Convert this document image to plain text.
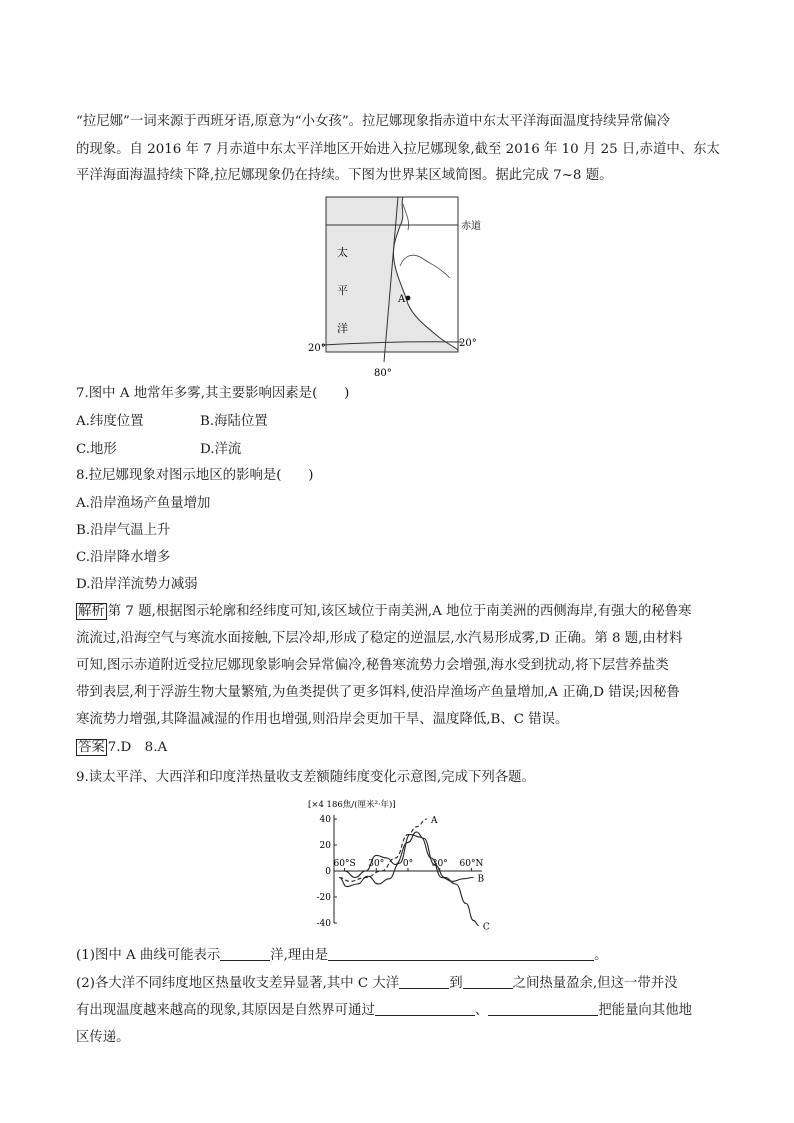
“拉尼娜”一词来源于西班牙语,原意为“小女孩”。拉尼娜现象指赤道中东太平洋海面温度持续异常偏冷
的现象。自 2016 年 7 月赤道中东太平洋地区开始进入拉尼娜现象,截至 2016 年 10 月 25 日,赤道中、东太
平洋海面海温持续下降,拉尼娜现象仍在持续。下图为世界某区域简图。据此完成 7~8 题。
A
太
平
洋
赤道
20°	20°
80°
7.图中 A 地常年多雾,其主要影响因素是(　　)
A.纬度位置	B.海陆位置
C.地形	D.洋流
8.拉尼娜现象对图示地区的影响是(　　)
A.沿岸渔场产鱼量增加
B.沿岸气温上升
C.沿岸降水增多
D.沿岸洋流势力减弱
解析 第 7 题,根据图示轮廓和经纬度可知,该区域位于南美洲,A 地位于南美洲的西侧海岸,有强大的秘鲁寒
流流过,沿海空气与寒流水面接触,下层冷却,形成了稳定的逆温层,水汽易形成雾,D 正确。第 8 题,由材料
可知,图示赤道附近受拉尼娜现象影响会异常偏冷,秘鲁寒流势力会增强,海水受到扰动,将下层营养盐类
带到表层,利于浮游生物大量繁殖,为鱼类提供了更多饵料,使沿岸渔场产鱼量增加,A 正确,D 错误;因秘鲁
寒流势力增强,其降温减湿的作用也增强,则沿岸会更加干旱、温度降低,B、C 错误。
答案 7.D　8.A
9.读太平洋、大西洋和印度洋热量收支差额随纬度变化示意图,完成下列各题。
[×4 186焦/(厘米²·年)]
40
20
0
-20
-40
60°S 30° 0° 30° 60°N
A
B
C
(1)图中 A 曲线可能表示	洋,理由是	。
(2)各大洋不同纬度地区热量收支差异显著,其中 C 大洋	到	之间热量盈余,但这一带并没
有出现温度越来越高的现象,其原因是自然界可通过	、	把能量向其他地
区传递。
